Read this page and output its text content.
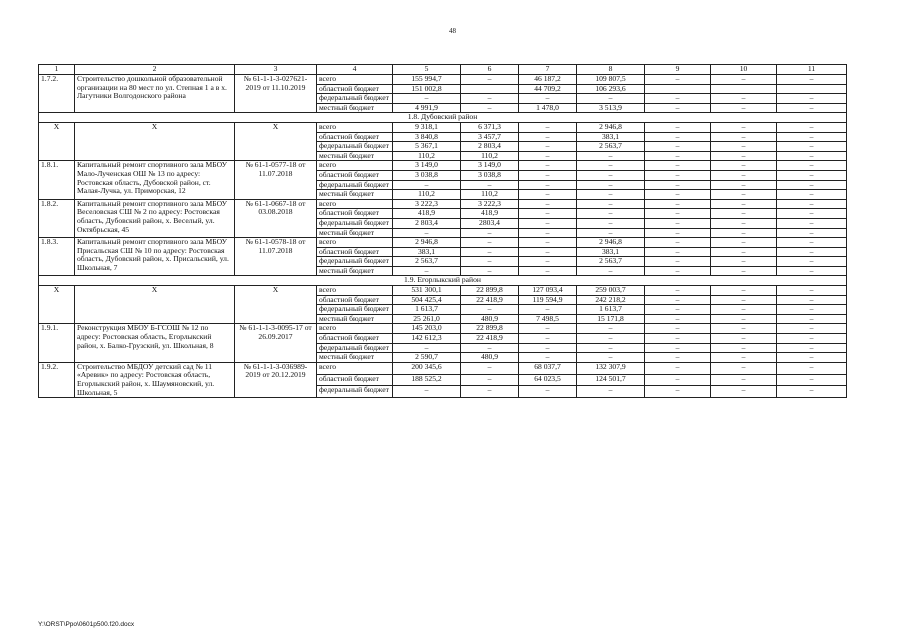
48
1	2	3	4	5	6	7	8	9	10	11
1.7.2.	Строительство дошкольной образовательной организации на 80 мест по ул. Степная 1 а в х. Лагутники Волгодонского района	№ 61-1-1-3-027621-2019 от 11.10.2019	всего	155 994,7	–	46 187,2	109 807,5	–	–	–
			областной бюджет	151 002,8		44 709,2	106 293,6			
			федеральный бюджет	–	–	–	–	–	–	–
			местный бюджет	4 991,9	–	1 478,0	3 513,9	–	–	–
1.8. Дубовский район										
Х	Х	Х	всего	9 318,1	6 371,3	–	2 946,8	–	–	–
			областной бюджет	3 840,8	3 457,7	–	383,1	–	–	–
			федеральный бюджет	5 367,1	2 803,4	–	2 563,7	–	–	–
			местный бюджет	110,2	110,2	–	–	–	–	–
1.8.1.	Капитальный ремонт спортивного зала МБОУ Мало-Лученская ОШ № 13 по адресу: Ростовская область, Дубовской район, ст. Малая-Лучка, ул. Приморская, 12	№ 61-1-0577-18 от 11.07.2018	всего	3 149,0	3 149,0	–	–	–	–	–
			областной бюджет	3 038,8	3 038,8	–	–	–	–	–
			федеральный бюджет	–	–	–	–	–	–	–
			местный бюджет	110,2	110,2	–	–	–	–	–
1.8.2.	Капитальный ремонт спортивного зала МБОУ Веселовская СШ № 2 по адресу: Ростовская область, Дубовский район, х. Веселый, ул. Октябрьская, 45	№ 61-1-0667-18 от 03.08.2018	всего	3 222,3	3 222,3	–	–	–	–	–
			областной бюджет	418,9	418,9	–	–	–	–	–
			федеральный бюджет	2 803,4	2803,4	–	–	–	–	–
			местный бюджет	–	–	–	–	–	–	–
1.8.3.	Капитальный ремонт спортивного зала МБОУ Присальская СШ № 10 по адресу: Ростовская область, Дубовский район, х. Присальский, ул. Школьная, 7	№ 61-1-0578-18 от 11.07.2018	всего	2 946,8	–	–	2 946,8	–	–	–
			областной бюджет	383,1	–	–	383,1	–	–	–
			федеральный бюджет	2 563,7	–	–	2 563,7	–	–	–
			местный бюджет	–	–	–	–	–	–	–
1.9. Егорлыкский район										
Х	Х	Х	всего	531 300,1	22 899,8	127 093,4	259 003,7	–	–	–
			областной бюджет	504 425,4	22 418,9	119 594,9	242 218,2	–	–	–
			федеральный бюджет	1 613,7	–	–	1 613,7	–	–	–
			местный бюджет	25 261,0	480,9	7 498,5	15 171,8	–	–	–
1.9.1.	Реконструкция МБОУ Б-ГСОШ № 12 по адресу: Ростовская область, Егорлыкский район, х. Балко-Грузский, ул. Школьная, 8	№ 61-1-1-3-0095-17 от 26.09.2017	всего	145 203,0	22 899,8	–	–	–	–	–
			областной бюджет	142 612,3	22 418,9	–	–	–	–	–
			федеральный бюджет	–	–	–	–	–	–	–
			местный бюджет	2 590,7	480,9	–	–	–	–	–
1.9.2.	Строительство МБДОУ детский сад № 11 «Аревик» по адресу: Ростовская область, Егорлыкский район, х. Шаумяновский, ул. Школьная, 5	№ 61-1-1-3-036989-2019 от 20.12.2019	всего	200 345,6	–	68 037,7	132 307,9	–	–	–
			областной бюджет	188 525,2	–	64 023,5	124 501,7	–	–	–
			федеральный бюджет	–	–	–	–	–	–	–
Y:\ORST\Ppo\0601p500.f20.docx
